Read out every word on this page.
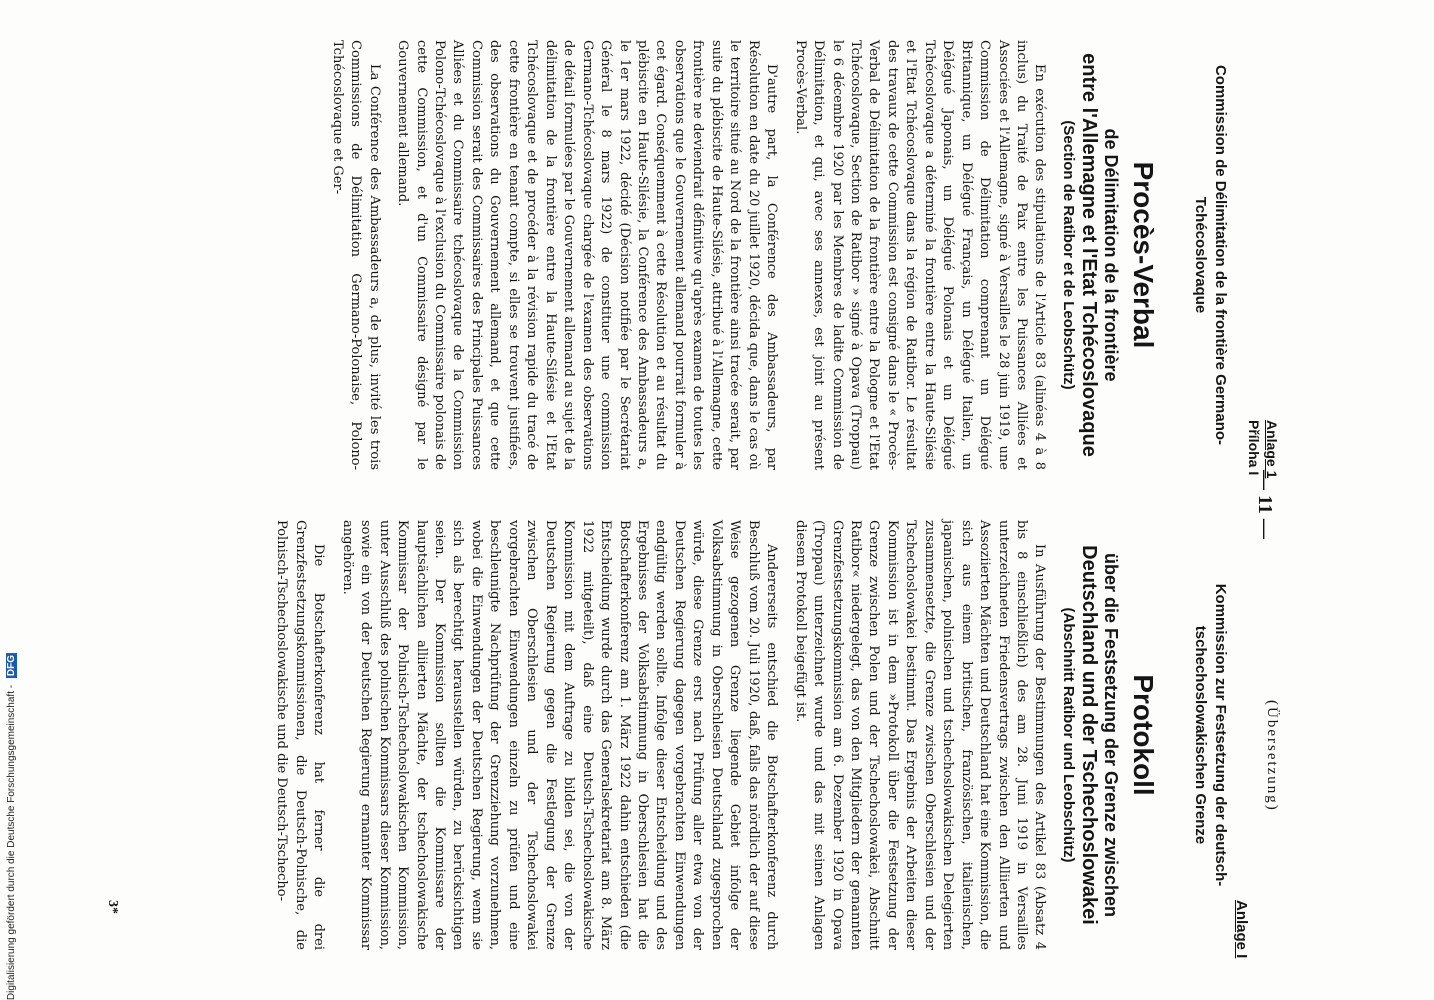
Digitalisierung gefördert durch die Deutsche Forschungsgemeinschaft - DFG
Anlage 1
Příloha I
— 11 —
(Übersetzung)
Anlage I
Commission de Délimitation de la frontière Germano-Tchécoslovaque
Procès-Verbal
de Délimitation de la frontière
entre l'Allemagne et l'Etat Tchécoslovaque
(Section de Ratibor et de Leobschütz)

En exécution des stipulations de l'Article 83 (alinéas 4 à 8 inclus) du Traité de Paix entre les Puissances Alliées et Associées et l'Allemagne, signé à Versailles le 28 juin 1919, une Commission de Délimitation comprenant un Délégué Britannique, un Délégué Français, un Délégué Italien, un Délégué Japonais, un Délégué Polonais et un Délégué Tchécoslovaque a déterminé la frontière entre la Haute-Silésie et l'Etat Tchécoslovaque dans la région de Ratibor. Le résultat des travaux de cette Commission est consigné dans le « Procès-Verbal de Délimitation de la frontière entre la Pologne et l'Etat Tchécoslovaque, Section de Ratibor » signé à Opava (Troppau) le 6 décembre 1920 par les Membres de ladite Commission de Délimitation, et qui, avec ses annexes, est joint au présent Procès-Verbal.

D'autre part, la Conférence des Ambassadeurs, par Résolution en date du 20 juillet 1920, décida que, dans le cas où le territoire situé au Nord de la frontière ainsi tracée serait, par suite du plébiscite de Haute-Silésie, attribué à l'Allemagne, cette frontière ne deviendrait définitive qu'après examen de toutes les observations que le Gouvernement allemand pourrait formuler à cet égard. Conséquemment à cette Résolution et au résultat du plébiscite en Haute-Silésie, la Conférence des Ambassadeurs a, le 1er mars 1922, décidé (Décision notifiée par le Secrétariat Général le 8 mars 1922) de constituer une commission Germano-Tchécoslovaque chargée de l'examen des observations de détail formulées par le Gouvernement allemand au sujet de la délimitation de la frontière entre la Haute-Silésie et l'Etat Tchécoslovaque et de procéder à la révision rapide du tracé de cette frontière en tenant compte, si elles se trouvent justifiées, des observations du Gouvernement allemand, et que cette Commission serait des Commissaires des Principales Puissances Alliées et du Commissaire tchécoslovaque de la Commission Polono-Tchécoslovaque à l'exclusion du Commissaire polonais de cette Commission, et d'un Commissaire désigné par le Gouvernement allemand.

La Conférence des Ambassadeurs a, de plus, invité les trois Commissions de Délimitation Germano-Polonaise, Polono-Tchécoslovaque et Ger-

Kommission zur Festsetzung der deutsch-tschechoslowakischen Grenze
Protokoll
über die Festsetzung der Grenze zwischen
Deutschland und der Tschechoslowakei
(Abschnitt Ratibor und Leobschütz)

In Ausführung der Bestimmungen des Artikel 83 (Absatz 4 bis 8 einschließlich) des am 28. Juni 1919 in Versailles unterzeichneten Friedensvertrags zwischen den Alliierten und Assoziierten Mächten und Deutschland hat eine Kommission, die sich aus einem britischen, französischen, italienischen, japanischen, polnischen und tschechoslowakischen Delegierten zusammensetzte, die Grenze zwischen Oberschlesien und der Tschechoslowakei bestimmt. Das Ergebnis der Arbeiten dieser Kommission ist in dem »Protokoll über die Festsetzung der Grenze zwischen Polen und der Tschechoslowakei, Abschnitt Ratibor« niedergelegt, das von den Mitgliedern der genannten Grenzfestsetzungskommission am 6. Dezember 1920 in Opava (Troppau) unterzeichnet wurde und das mit seinen Anlagen diesem Protokoll beigefügt ist.

Andererseits entschied die Botschafterkonferenz durch Beschluß vom 20. Juli 1920, daß, falls das nördlich der auf diese Weise gezogenen Grenze liegende Gebiet infolge der Volksabstimmung in Oberschlesien Deutschland zugesprochen würde, diese Grenze erst nach Prüfung aller etwa von der Deutschen Regierung dagegen vorgebrachten Einwendungen endgültig werden sollte. Infolge dieser Entscheidung und des Ergebnisses der Volksabstimmung in Oberschlesien hat die Botschafterkonferenz am 1. März 1922 dahin entschieden (die Entscheidung wurde durch das Generalsekretariat am 8. März 1922 mitgeteilt), daß eine Deutsch-Tschechoslowakische Kommission mit dem Auftrage zu bilden sei, die von der Deutschen Regierung gegen die Festlegung der Grenze zwischen Oberschlesien und der Tschechoslowakei vorgebrachten Einwendungen einzeln zu prüfen und eine beschleunigte Nachprüfung der Grenzziehung vorzunehmen, wobei die Einwendungen der Deutschen Regierung, wenn sie sich als berechtigt herausstellen würden, zu berücksichtigen seien. Der Kommission sollten die Kommissare der hauptsächlichen alliierten Mächte, der tschechoslowakische Kommissar der Polnisch-Tschechoslowakischen Kommission, unter Ausschluß des polnischen Kommissars dieser Kommission, sowie ein von der Deutschen Regierung ernannter Kommissar angehören.

Die Botschafterkonferenz hat ferner die drei Grenzfestsetzungskommissionen, die Deutsch-Polnische, die Polnisch-Tschechoslowakische und die Deutsch-Tschecho-

3*
